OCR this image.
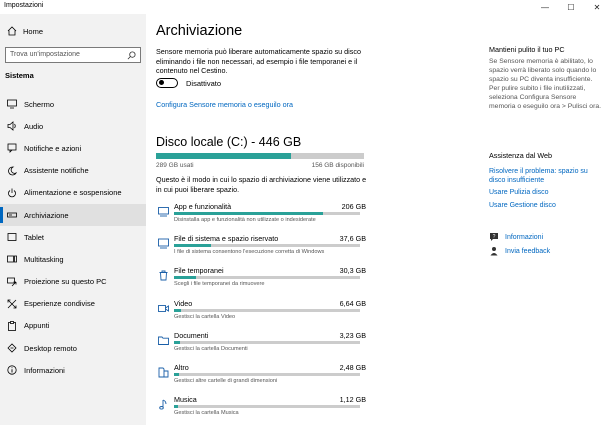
Impostazioni	—	☐	✕
Home
Trova un'impostazione
Sistema
Schermo
Audio
Notifiche e azioni
Assistente notifiche
Alimentazione e sospensione
Archiviazione
Tablet
Multitasking
Proiezione su questo PC
Esperienze condivise
Appunti
Desktop remoto
Informazioni
Archiviazione
Sensore memoria può liberare automaticamente spazio su disco eliminando i file non necessari, ad esempio i file temporanei e il contenuto nel Cestino.
Disattivato
Configura Sensore memoria o eseguilo ora
Disco locale (C:) - 446 GB
289 GB usati	156 GB disponibili
Questo è il modo in cui lo spazio di archiviazione viene utilizzato e in cui puoi liberare spazio.
App e funzionalità	206 GB
Disinstalla app e funzionalità non utilizzate o indesiderate
File di sistema e spazio riservato	37,6 GB
I file di sistema consentono l'esecuzione corretta di Windows
File temporanei	30,3 GB
Scegli i file temporanei da rimuovere
Video	6,64 GB
Gestisci la cartella Video
Documenti	3,23 GB
Gestisci la cartella Documenti
Altro	2,48 GB
Gestisci altre cartelle di grandi dimensioni
Musica	1,12 GB
Gestisci la cartella Musica
Mantieni pulito il tuo PC
Se Sensore memoria è abilitato, lo spazio verrà liberato solo quando lo spazio su PC diventa insufficiente. Per pulire subito i file inutilizzati, seleziona Configura Sensore memoria o eseguilo ora > Pulisci ora.
Assistenza dal Web
Risolvere il problema: spazio su disco insufficiente
Usare Pulizia disco
Usare Gestione disco
? Informazioni
Invia feedback
